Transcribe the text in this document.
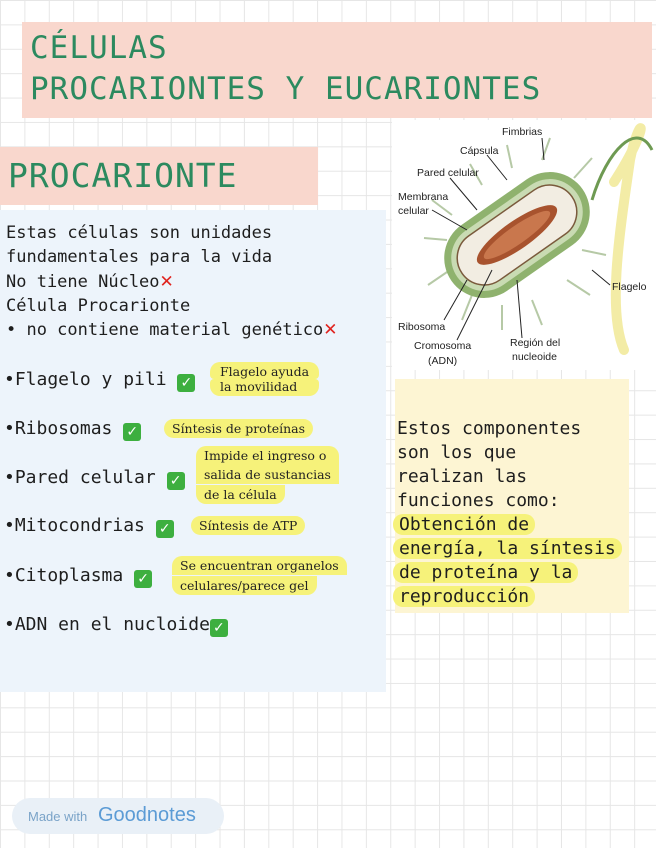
CÉLULAS
PROCARIONTES Y EUCARIONTES
PROCARIONTE
Estas células son unidades
fundamentales para la vida
No tiene Núcleo✕
Célula Procarionte
• no contiene material genético✕
•Flagelo y pili ✓
Flagelo ayuda
la movilidad
•Ribosomas ✓	Síntesis de proteínas
•Pared celular ✓
Impide el ingreso o
salida de sustancias
de la célula
•Mitocondrias ✓	Síntesis de ATP
•Citoplasma ✓
Se encuentran organelos
celulares/parece gel
•ADN en el nucloide ✓
Fimbrias
Cápsula
Pared celular
Membrana
celular
Flagelo
Ribosoma
Cromosoma
(ADN)
Región del
nucleoide
Estos componentes
son los que
realizan las
funciones como:
Obtención de
energía, la síntesis
de proteína y la
reproducción
Made with Goodnotes
